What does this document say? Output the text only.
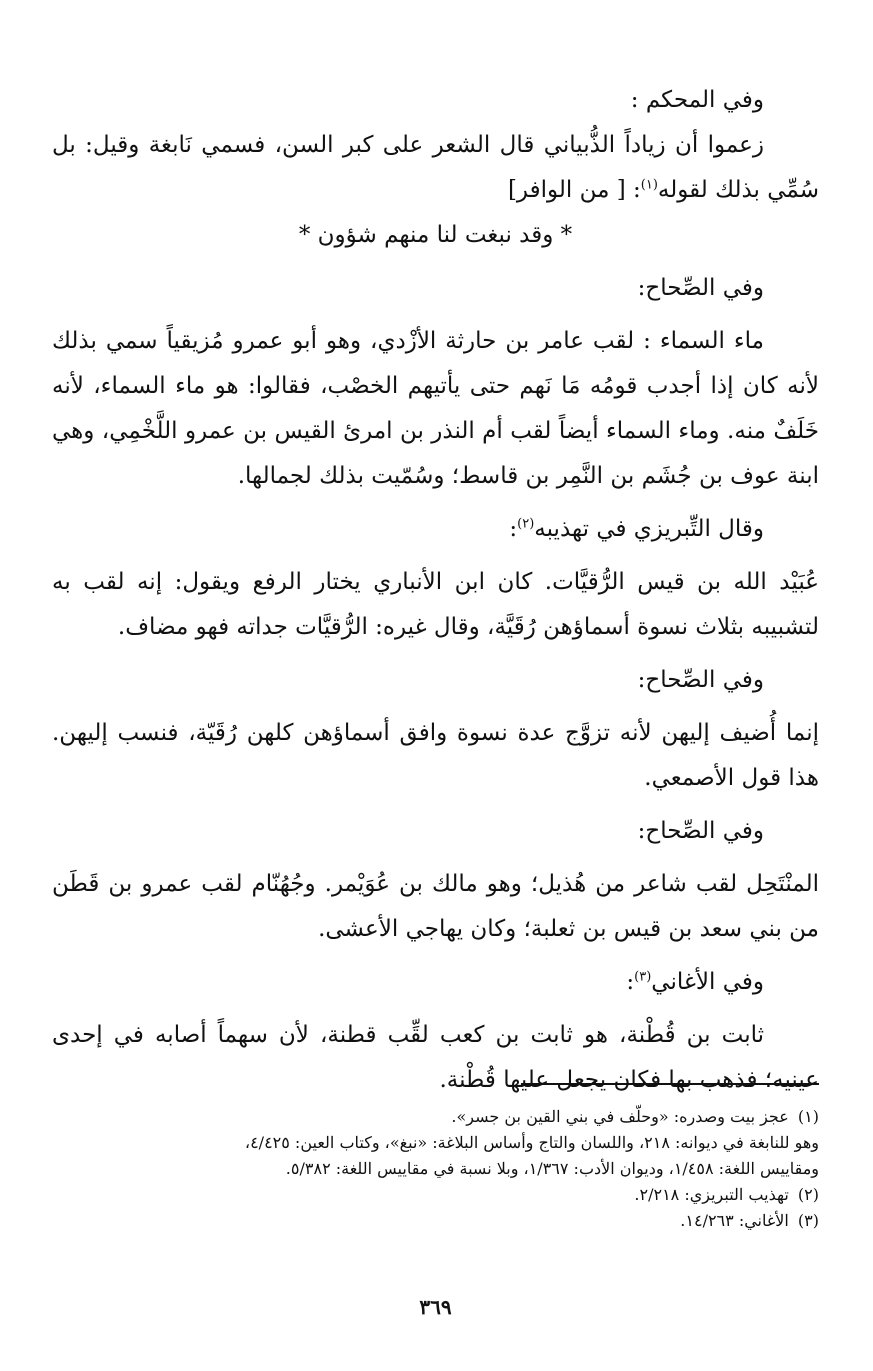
وفي المحكم :

زعموا أن زياداً الذُّبياني قال الشعر على كبر السن، فسمي نَابغة وقيل: بل سُمِّي بذلك لقوله$^{(١)}$: [ من الوافر]

* وقد نبغت لنا منهم شؤون *

وفي الصِّحاح:

ماء السماء : لقب عامر بن حارثة الأزْدي، وهو أبو عمرو مُزيقياً سمي بذلك لأنه كان إذا أجدب قومُه مَا نَهم حتى يأتيهم الخصْب، فقالوا: هو ماء السماء، لأنه خَلَفٌ منه. وماء السماء أيضاً لقب أم النذر بن امرئ القيس بن عمرو اللَّخْمِي، وهي ابنة عوف بن جُشَم بن النَّمِر بن قاسط؛ وسُمّيت بذلك لجمالها.

وقال التِّبريزي في تهذيبه$^{(٢)}$:

عُبَيْد الله بن قيس الرُّقيَّات. كان ابن الأنباري يختار الرفع ويقول: إنه لقب به لتشبيبه بثلاث نسوة أسماؤهن رُقَيَّة، وقال غيره: الرُّقيَّات جداته فهو مضاف.

وفي الصِّحاح:

إنما أُضيف إليهن لأنه تزوَّج عدة نسوة وافق أسماؤهن كلهن رُقَيّة، فنسب إليهن. هذا قول الأصمعي.

وفي الصِّحاح:

المنْتَحِل لقب شاعر من هُذيل؛ وهو مالك بن عُوَيْمر. وجُهُنّام لقب عمرو بن قَطَن من بني سعد بن قيس بن ثعلبة؛ وكان يهاجي الأعشى.

وفي الأغاني$^{(٣)}$:

ثابت بن قُطْنة، هو ثابت بن كعب لقِّب قطنة، لأن سهماً أصابه في إحدى عينيه؛ فذهب بها فكان يجعل عليها قُطْنة.

(١) عجز بيت وصدره: «وحلّف في بني القين بن جسر».

وهو للنابغة في ديوانه: ٢١٨، واللسان والتاج وأساس البلاغة: «نبغ»، وكتاب العين: ٤/٤٢٥،

ومقاييس اللغة: ١/٤٥٨، وديوان الأدب: ١/٣٦٧، وبلا نسبة في مقاييس اللغة: ٥/٣٨٢.

(٢) تهذيب التبريزي: ٢/٢١٨.

(٣) الأغاني: ١٤/٢٦٣.

٣٦٩
